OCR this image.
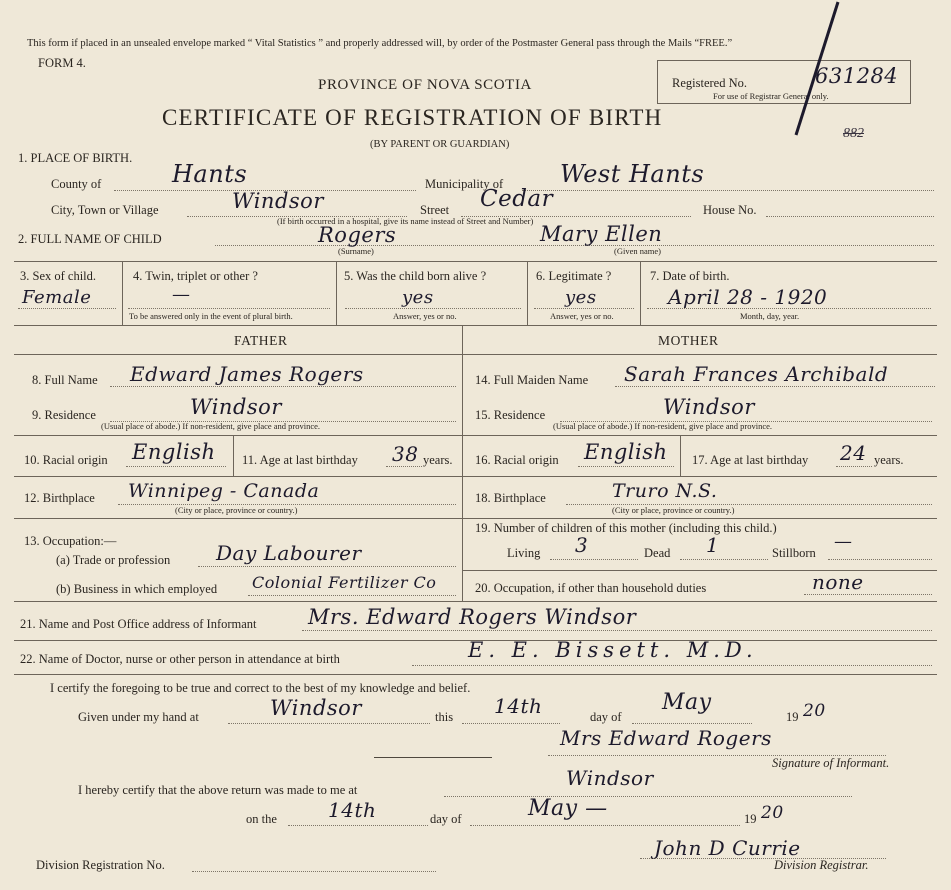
This form if placed in an unsealed envelope marked “ Vital Statistics ” and properly addressed will, by order of the Postmaster General pass through the Mails “FREE.”
FORM 4.
PROVINCE OF NOVA SCOTIA
CERTIFICATE OF REGISTRATION OF BIRTH
(BY PARENT OR GUARDIAN)
Registered No.
For use of Registrar General only.
631284
882
1. PLACE OF BIRTH.
County of	Hants	Municipality of West Hants
City, Town or Village	Windsor	Street Cedar	House No.
(If birth occurred in a hospital, give its name instead of Street and Number)
2. FULL NAME OF CHILD	Rogers
(Surname)
Mary Ellen
(Given name)
3. Sex of child.
Female
4. Twin, triplet or other ?
—
To be answered only in the event of plural birth.
5. Was the child born alive ?
yes
Answer, yes or no.
6. Legitimate ?
yes
Answer, yes or no.
7. Date of birth.
April 28 - 1920
Month, day, year.
FATHER	MOTHER
8. Full Name Edward James Rogers	14. Full Maiden Name Sarah Frances Archibald
9. Residence	Windsor
(Usual place of abode.) If non-resident, give place and province.
15. Residence	Windsor
(Usual place of abode.) If non-resident, give place and province.
10. Racial origin English 11. Age at last birthday 38 years. 16. Racial origin English 17. Age at last birthday 24 years.
12. Birthplace Winnipeg - Canada
(City or place, province or country.)
18. Birthplace	Truro N.S.
(City or place, province or country.)
13. Occupation:—
(a) Trade or profession Day Labourer
(b) Business in which employed Colonial Fertilizer Co
19. Number of children of this mother (including this child.)
Living 3	Dead 1	Stillborn
—
20. Occupation, if other than household duties	none
21. Name and Post Office address of Informant Mrs. Edward Rogers Windsor
22. Name of Doctor, nurse or other person in attendance at birth	E. E. Bissett. M.D.
I certify the foregoing to be true and correct to the best of my knowledge and belief.
Given under my hand at	Windsor	this 14th	day of
May
19 20
Mrs Edward Rogers
Signature of Informant.
I hereby certify that the above return was made to me at	Windsor
on the	14th	day of	May —	19 20
Division Registration No.
John D Currie
Division Registrar.
